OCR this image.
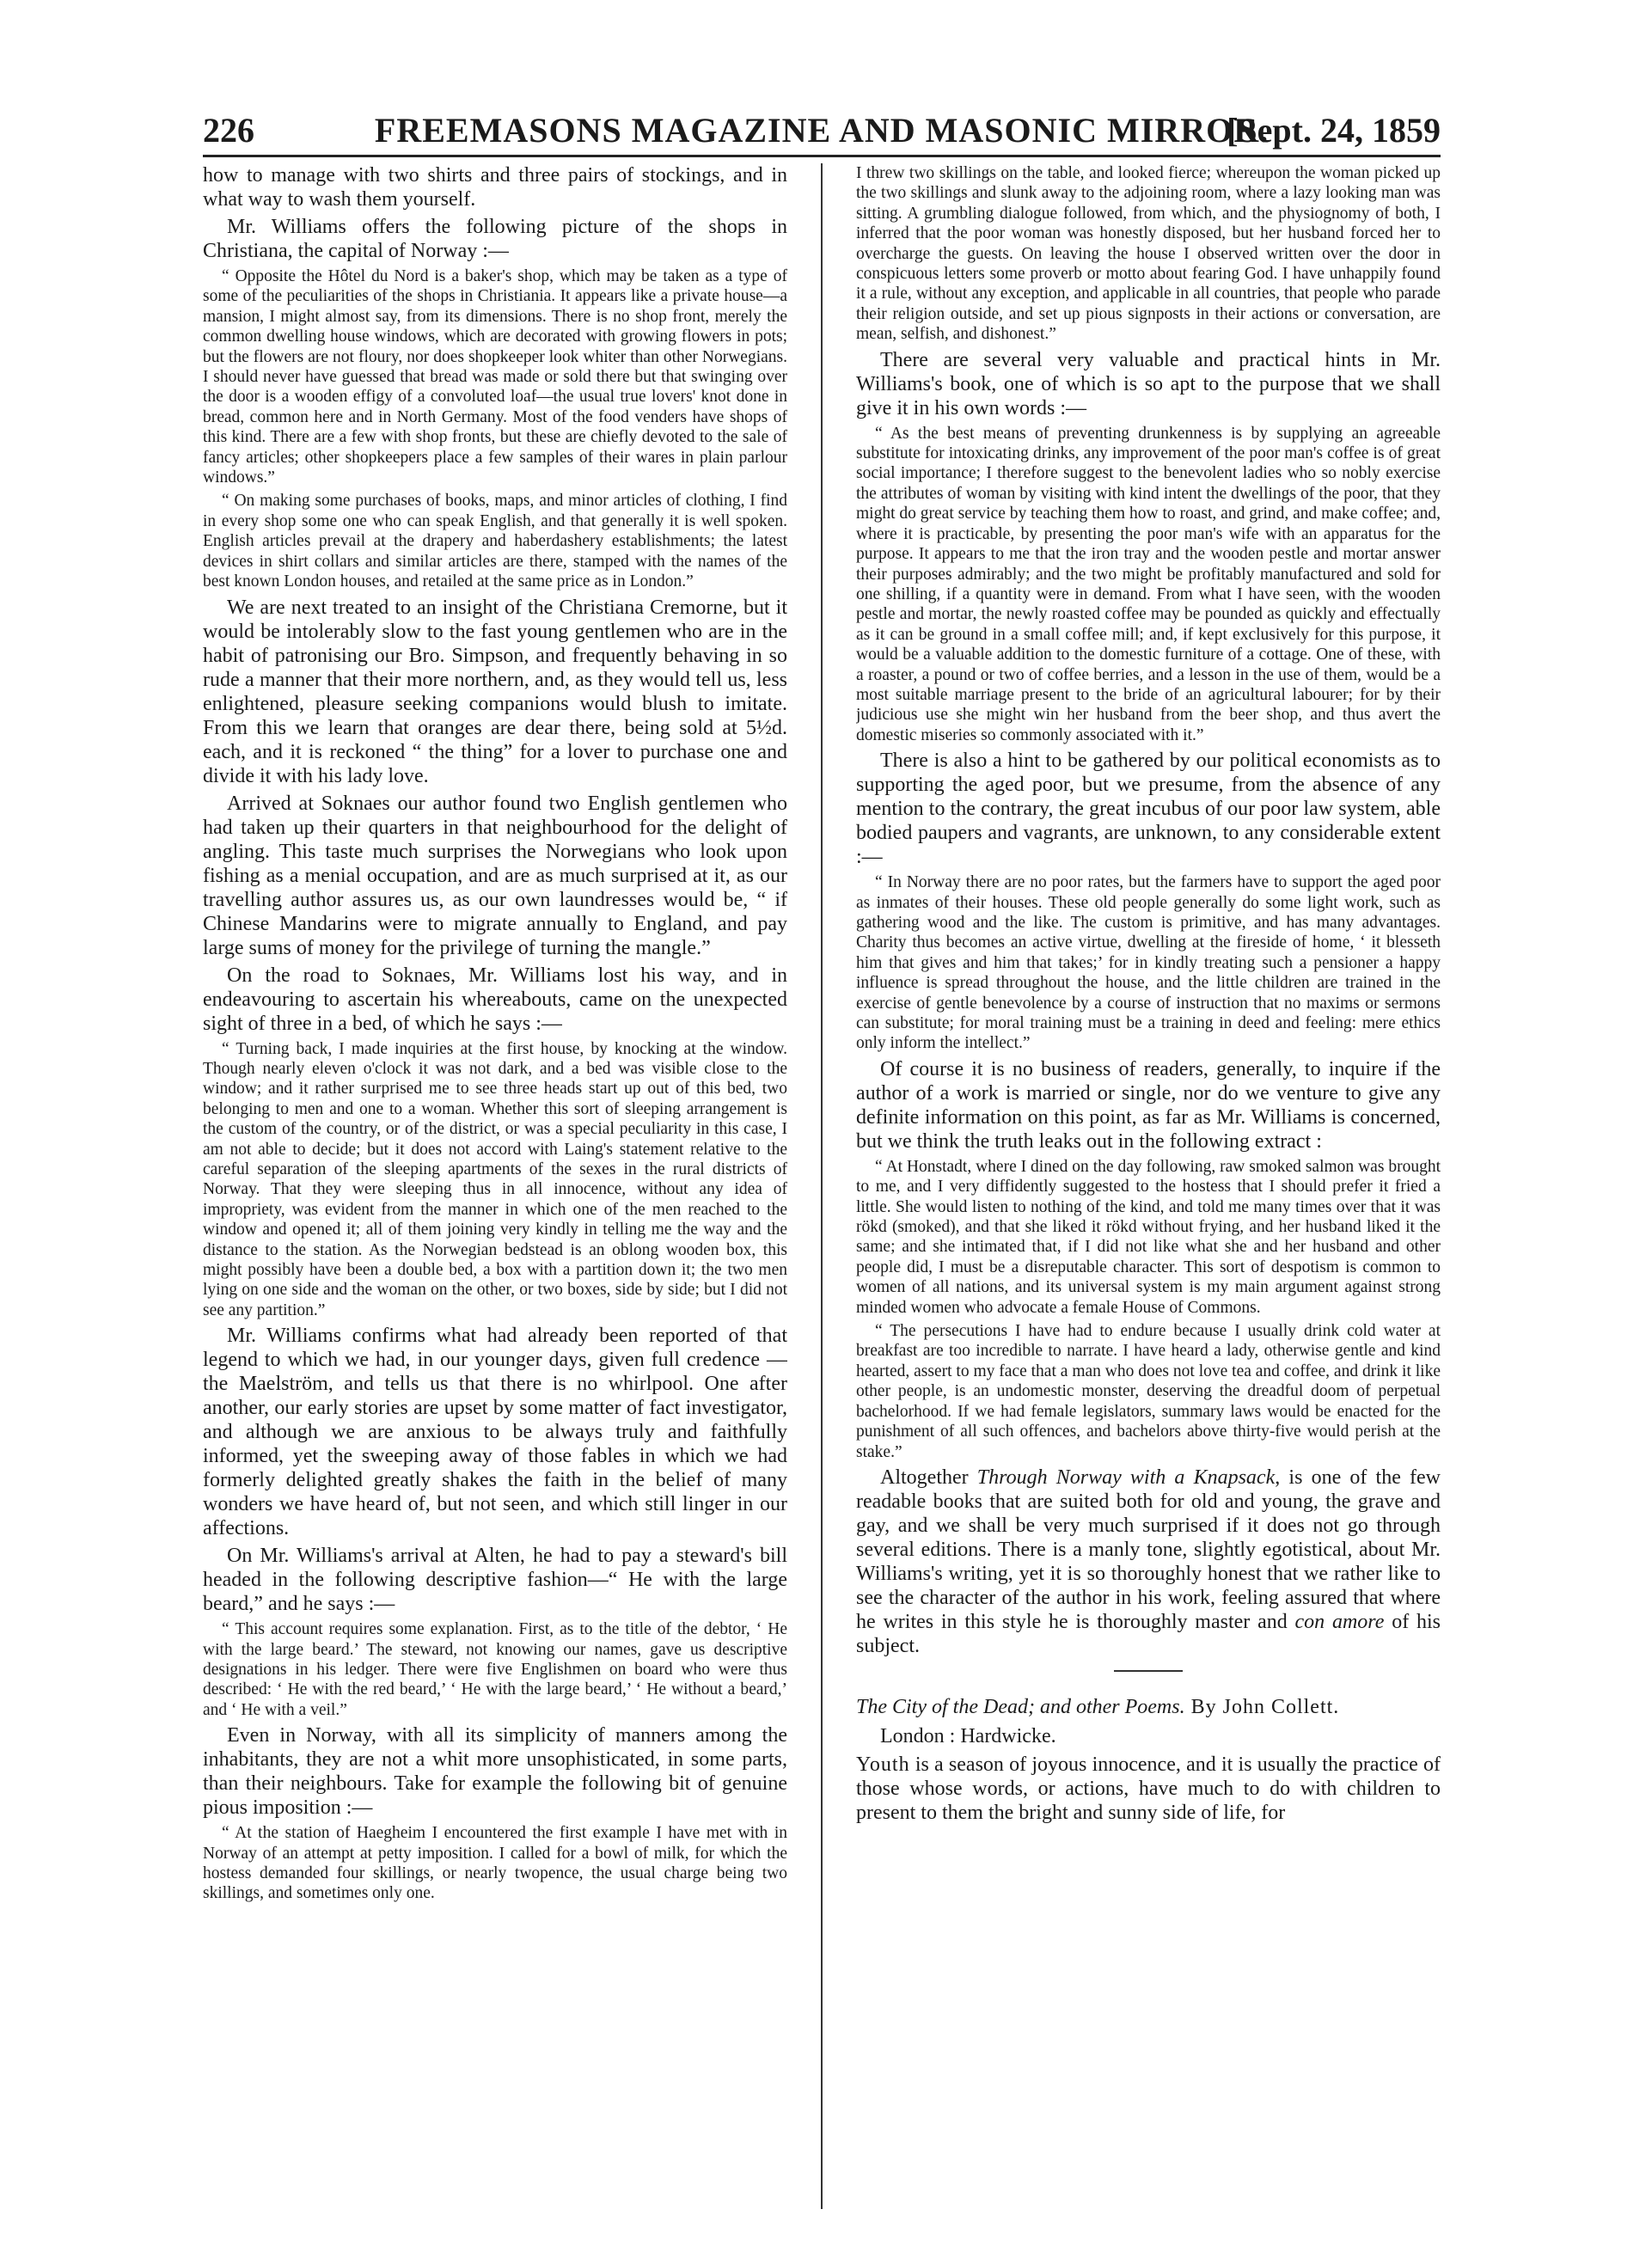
226	FREEMASONS MAGAZINE AND MASONIC MIRROR.
[Sept. 24, 1859

how to manage with two shirts and three pairs of stockings, and in what way to wash them yourself.

Mr. Williams offers the following picture of the shops in Christiana, the capital of Norway :—

“ Opposite the Hôtel du Nord is a baker's shop, which may be taken as a type of some of the peculiarities of the shops in Christiania. It appears like a private house—a mansion, I might almost say, from its dimensions. There is no shop front, merely the common dwelling house windows, which are decorated with growing flowers in pots; but the flowers are not floury, nor does shopkeeper look whiter than other Norwegians. I should never have guessed that bread was made or sold there but that swinging over the door is a wooden effigy of a convoluted loaf—the usual true lovers' knot done in bread, common here and in North Germany. Most of the food venders have shops of this kind. There are a few with shop fronts, but these are chiefly devoted to the sale of fancy articles; other shopkeepers place a few samples of their wares in plain parlour windows.”

“ On making some purchases of books, maps, and minor articles of clothing, I find in every shop some one who can speak English, and that generally it is well spoken. English articles prevail at the drapery and haberdashery establishments; the latest devices in shirt collars and similar articles are there, stamped with the names of the best known London houses, and retailed at the same price as in London.”

We are next treated to an insight of the Christiana Cremorne, but it would be intolerably slow to the fast young gentlemen who are in the habit of patronising our Bro. Simpson, and frequently behaving in so rude a manner that their more northern, and, as they would tell us, less enlightened, pleasure seeking companions would blush to imitate. From this we learn that oranges are dear there, being sold at 5½d. each, and it is reckoned “ the thing” for a lover to purchase one and divide it with his lady love.

Arrived at Soknaes our author found two English gentlemen who had taken up their quarters in that neighbourhood for the delight of angling. This taste much surprises the Norwegians who look upon fishing as a menial occupation, and are as much surprised at it, as our travelling author assures us, as our own laundresses would be, “ if Chinese Mandarins were to migrate annually to England, and pay large sums of money for the privilege of turning the mangle.”

On the road to Soknaes, Mr. Williams lost his way, and in endeavouring to ascertain his whereabouts, came on the unexpected sight of three in a bed, of which he says :—

“ Turning back, I made inquiries at the first house, by knocking at the window. Though nearly eleven o'clock it was not dark, and a bed was visible close to the window; and it rather surprised me to see three heads start up out of this bed, two belonging to men and one to a woman. Whether this sort of sleeping arrangement is the custom of the country, or of the district, or was a special peculiarity in this case, I am not able to decide; but it does not accord with Laing's statement relative to the careful separation of the sleeping apartments of the sexes in the rural districts of Norway. That they were sleeping thus in all innocence, without any idea of impropriety, was evident from the manner in which one of the men reached to the window and opened it; all of them joining very kindly in telling me the way and the distance to the station. As the Norwegian bedstead is an oblong wooden box, this might possibly have been a double bed, a box with a partition down it; the two men lying on one side and the woman on the other, or two boxes, side by side; but I did not see any partition.”

Mr. Williams confirms what had already been reported of that legend to which we had, in our younger days, given full credence —the Maelström, and tells us that there is no whirlpool. One after another, our early stories are upset by some matter of fact investigator, and although we are anxious to be always truly and faithfully informed, yet the sweeping away of those fables in which we had formerly delighted greatly shakes the faith in the belief of many wonders we have heard of, but not seen, and which still linger in our affections.

On Mr. Williams's arrival at Alten, he had to pay a steward's bill headed in the following descriptive fashion—“ He with the large beard,” and he says :—

“ This account requires some explanation. First, as to the title of the debtor, ‘ He with the large beard.’ The steward, not knowing our names, gave us descriptive designations in his ledger. There were five Englishmen on board who were thus described: ‘ He with the red beard,’ ‘ He with the large beard,’ ‘ He without a beard,’ and ‘ He with a veil.”

Even in Norway, with all its simplicity of manners among the inhabitants, they are not a whit more unsophisticated, in some parts, than their neighbours. Take for example the following bit of genuine pious imposition :—

“ At the station of Haegheim I encountered the first example I have met with in Norway of an attempt at petty imposition. I called for a bowl of milk, for which the hostess demanded four skillings, or nearly twopence, the usual charge being two skillings, and sometimes only one.

I threw two skillings on the table, and looked fierce; whereupon the woman picked up the two skillings and slunk away to the adjoining room, where a lazy looking man was sitting. A grumbling dialogue followed, from which, and the physiognomy of both, I inferred that the poor woman was honestly disposed, but her husband forced her to overcharge the guests. On leaving the house I observed written over the door in conspicuous letters some proverb or motto about fearing God. I have unhappily found it a rule, without any exception, and applicable in all countries, that people who parade their religion outside, and set up pious signposts in their actions or conversation, are mean, selfish, and dishonest.”

There are several very valuable and practical hints in Mr. Williams's book, one of which is so apt to the purpose that we shall give it in his own words :—

“ As the best means of preventing drunkenness is by supplying an agreeable substitute for intoxicating drinks, any improvement of the poor man's coffee is of great social importance; I therefore suggest to the benevolent ladies who so nobly exercise the attributes of woman by visiting with kind intent the dwellings of the poor, that they might do great service by teaching them how to roast, and grind, and make coffee; and, where it is practicable, by presenting the poor man's wife with an apparatus for the purpose. It appears to me that the iron tray and the wooden pestle and mortar answer their purposes admirably; and the two might be profitably manufactured and sold for one shilling, if a quantity were in demand. From what I have seen, with the wooden pestle and mortar, the newly roasted coffee may be pounded as quickly and effectually as it can be ground in a small coffee mill; and, if kept exclusively for this purpose, it would be a valuable addition to the domestic furniture of a cottage. One of these, with a roaster, a pound or two of coffee berries, and a lesson in the use of them, would be a most suitable marriage present to the bride of an agricultural labourer; for by their judicious use she might win her husband from the beer shop, and thus avert the domestic miseries so commonly associated with it.”

There is also a hint to be gathered by our political economists as to supporting the aged poor, but we presume, from the absence of any mention to the contrary, the great incubus of our poor law system, able bodied paupers and vagrants, are unknown, to any considerable extent :—

“ In Norway there are no poor rates, but the farmers have to support the aged poor as inmates of their houses. These old people generally do some light work, such as gathering wood and the like. The custom is primitive, and has many advantages. Charity thus becomes an active virtue, dwelling at the fireside of home, ‘ it blesseth him that gives and him that takes;’ for in kindly treating such a pensioner a happy influence is spread throughout the house, and the little children are trained in the exercise of gentle benevolence by a course of instruction that no maxims or sermons can substitute; for moral training must be a training in deed and feeling: mere ethics only inform the intellect.”

Of course it is no business of readers, generally, to inquire if the author of a work is married or single, nor do we venture to give any definite information on this point, as far as Mr. Williams is concerned, but we think the truth leaks out in the following extract :

“ At Honstadt, where I dined on the day following, raw smoked salmon was brought to me, and I very diffidently suggested to the hostess that I should prefer it fried a little. She would listen to nothing of the kind, and told me many times over that it was rökd (smoked), and that she liked it rökd without frying, and her husband liked it the same; and she intimated that, if I did not like what she and her husband and other people did, I must be a disreputable character. This sort of despotism is common to women of all nations, and its universal system is my main argument against strong minded women who advocate a female House of Commons.

“ The persecutions I have had to endure because I usually drink cold water at breakfast are too incredible to narrate. I have heard a lady, otherwise gentle and kind hearted, assert to my face that a man who does not love tea and coffee, and drink it like other people, is an undomestic monster, deserving the dreadful doom of perpetual bachelorhood. If we had female legislators, summary laws would be enacted for the punishment of all such offences, and bachelors above thirty-five would perish at the stake.”

Altogether Through Norway with a Knapsack, is one of the few readable books that are suited both for old and young, the grave and gay, and we shall be very much surprised if it does not go through several editions. There is a manly tone, slightly egotistical, about Mr. Williams's writing, yet it is so thoroughly honest that we rather like to see the character of the author in his work, feeling assured that where he writes in this style he is thoroughly master and con amore of his subject.

The City of the Dead; and other Poems. By John Collett.

London : Hardwicke.

Youth is a season of joyous innocence, and it is usually the practice of those whose words, or actions, have much to do with children to present to them the bright and sunny side of life, for
